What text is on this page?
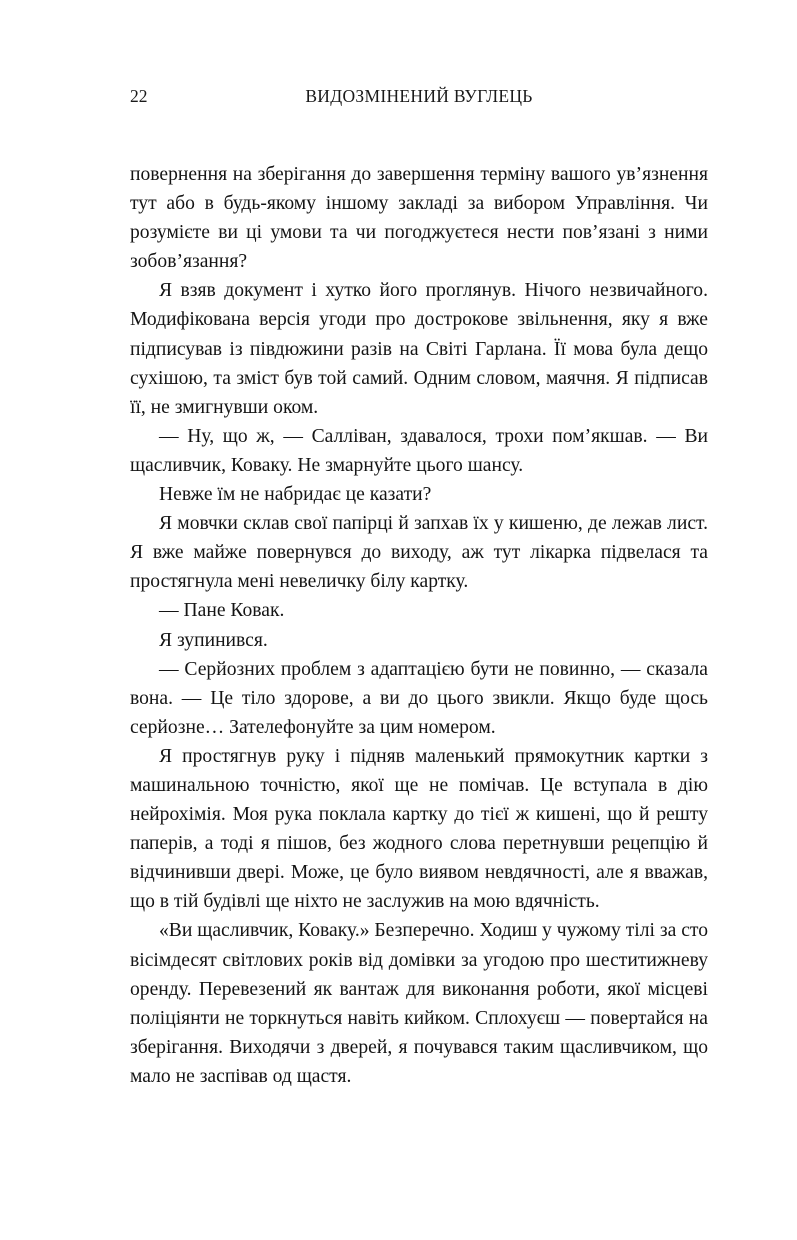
22	ВИДОЗМІНЕНИЙ ВУГЛЕЦЬ

повернення на зберігання до завершення терміну вашого ув’язнення тут або в будь-якому іншому закладі за вибором Управління. Чи розумієте ви ці умови та чи погоджуєтеся нести пов’язані з ними зобов’язання?

Я взяв документ і хутко його проглянув. Нічого незвичайного. Модифікована версія угоди про дострокове звільнення, яку я вже підписував із півдюжини разів на Світі Гарлана. Її мова була дещо сухішою, та зміст був той самий. Одним словом, маячня. Я підписав її, не змигнувши оком.

— Ну, що ж, — Салліван, здавалося, трохи пом’якшав. — Ви щасливчик, Коваку. Не змарнуйте цього шансу.

Невже їм не набридає це казати?

Я мовчки склав свої папірці й запхав їх у кишеню, де лежав лист. Я вже майже повернувся до виходу, аж тут лікарка підвелася та простягнула мені невеличку білу картку.

— Пане Ковак.

Я зупинився.

— Серйозних проблем з адаптацією бути не повинно, — сказала вона. — Це тіло здорове, а ви до цього звикли. Якщо буде щось серйозне… Зателефонуйте за цим номером.

Я простягнув руку і підняв маленький прямокутник картки з машинальною точністю, якої ще не помічав. Це вступала в дію нейрохімія. Моя рука поклала картку до тієї ж кишені, що й решту паперів, а тоді я пішов, без жодного слова перетнувши рецепцію й відчинивши двері. Може, це було виявом невдячності, але я вважав, що в тій будівлі ще ніхто не заслужив на мою вдячність.

«Ви щасливчик, Коваку.» Безперечно. Ходиш у чужому тілі за сто вісімдесят світлових років від домівки за угодою про шеститижневу оренду. Перевезений як вантаж для виконання роботи, якої місцеві поліціянти не торкнуться навіть кийком. Сплохуєш — повертайся на зберігання. Виходячи з дверей, я почувався таким щасливчиком, що мало не заспівав од щастя.
